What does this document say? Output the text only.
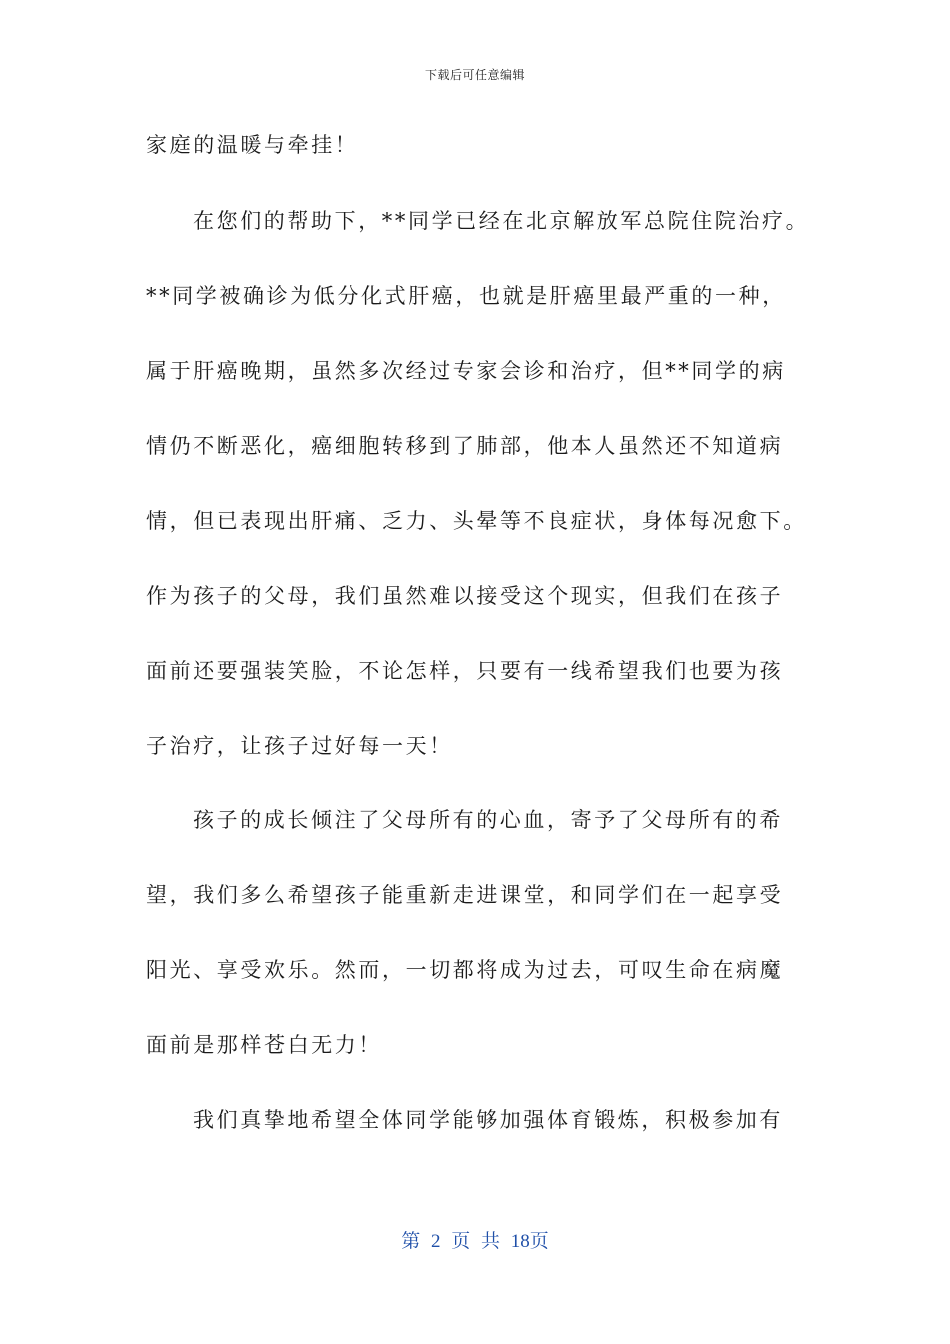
下载后可任意编辑
家庭的温暖与牵挂！
在您们的帮助下，**同学已经在北京解放军总院住院治疗。
**同学被确诊为低分化式肝癌，也就是肝癌里最严重的一种，
属于肝癌晚期，虽然多次经过专家会诊和治疗，但**同学的病
情仍不断恶化，癌细胞转移到了肺部，他本人虽然还不知道病
情，但已表现出肝痛、乏力、头晕等不良症状，身体每况愈下。
作为孩子的父母，我们虽然难以接受这个现实，但我们在孩子
面前还要强装笑脸，不论怎样，只要有一线希望我们也要为孩
子治疗，让孩子过好每一天！
孩子的成长倾注了父母所有的心血，寄予了父母所有的希
望，我们多么希望孩子能重新走进课堂，和同学们在一起享受
阳光、享受欢乐。然而，一切都将成为过去，可叹生命在病魔
面前是那样苍白无力！
我们真挚地希望全体同学能够加强体育锻炼，积极参加有
第 2 页 共 18页
